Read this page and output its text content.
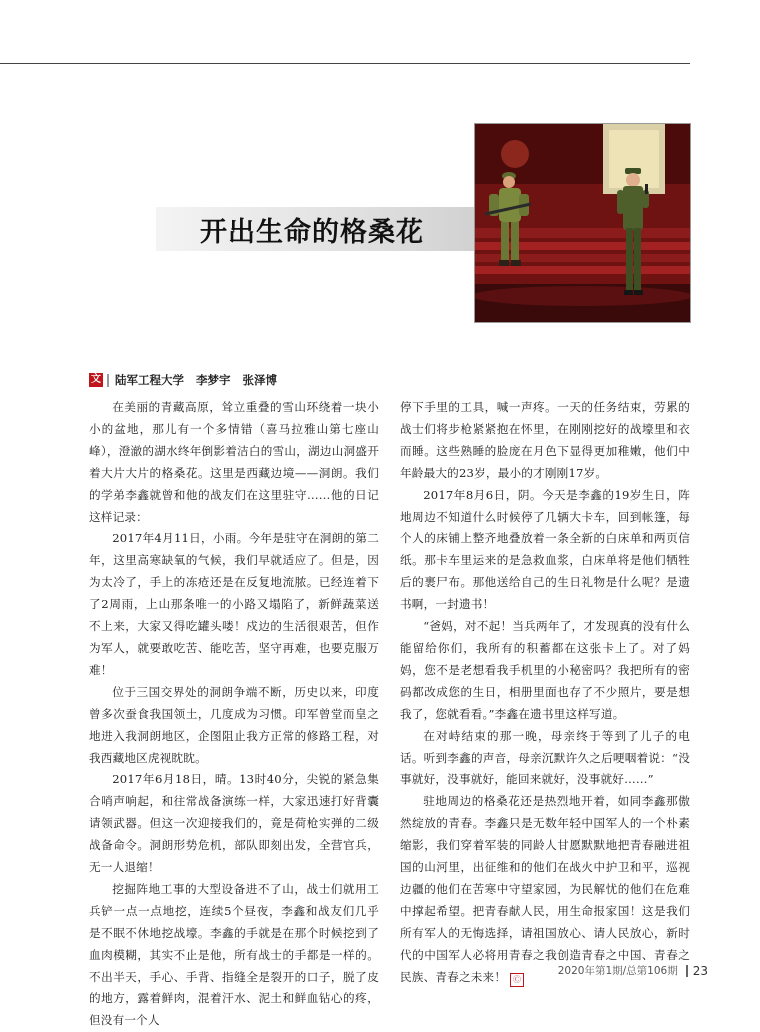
开出生命的格桑花
文 陆军工程大学 李梦宇 张泽博

在美丽的青藏高原，耸立重叠的雪山环绕着一块小小的盆地，那儿有一个多情错（喜马拉雅山第七座山峰），澄澈的湖水终年倒影着洁白的雪山，湖边山洞盛开着大片大片的格桑花。这里是西藏边境——洞朗。我们的学弟李鑫就曾和他的战友们在这里驻守……他的日记这样记录：

2017年4月11日，小雨。今年是驻守在洞朗的第二年，这里高寒缺氧的气候，我们早就适应了。但是，因为太冷了，手上的冻疮还是在反复地流脓。已经连着下了2周雨，上山那条唯一的小路又塌陷了，新鲜蔬菜送不上来，大家又得吃罐头喽！戍边的生活很艰苦，但作为军人，就要敢吃苦、能吃苦，坚守再难，也要克服万难！

位于三国交界处的洞朗争端不断，历史以来，印度曾多次蚕食我国领土，几度成为习惯。印军曾堂而皇之地进入我洞朗地区，企图阻止我方正常的修路工程，对我西藏地区虎视眈眈。

2017年6月18日，晴。13时40分，尖锐的紧急集合哨声响起，和往常战备演练一样，大家迅速打好背囊请领武器。但这一次迎接我们的，竟是荷枪实弹的二级战备命令。洞朗形势危机，部队即刻出发，全营官兵，无一人退缩！

挖掘阵地工事的大型设备进不了山，战士们就用工兵铲一点一点地挖，连续5个昼夜，李鑫和战友们几乎是不眠不休地挖战壕。李鑫的手就是在那个时候挖到了血肉模糊，其实不止是他，所有战士的手都是一样的。不出半天，手心、手背、指缝全是裂开的口子，脱了皮的地方，露着鲜肉，混着汗水、泥土和鲜血钻心的疼，但没有一个人

停下手里的工具，喊一声疼。一天的任务结束，劳累的战士们将步枪紧紧抱在怀里，在刚刚挖好的战壕里和衣而睡。这些熟睡的脸庞在月色下显得更加稚嫩，他们中年龄最大的23岁，最小的才刚刚17岁。

2017年8月6日，阴。今天是李鑫的19岁生日，阵地周边不知道什么时候停了几辆大卡车，回到帐篷，每个人的床铺上整齐地叠放着一条全新的白床单和两页信纸。那卡车里运来的是急救血浆，白床单将是他们牺牲后的裹尸布。那他送给自己的生日礼物是什么呢？是遗书啊，一封遗书！

“爸妈，对不起！当兵两年了，才发现真的没有什么能留给你们，我所有的积蓄都在这张卡上了。对了妈妈，您不是老想看我手机里的小秘密吗？我把所有的密码都改成您的生日，相册里面也存了不少照片，要是想我了，您就看看。”李鑫在遗书里这样写道。

在对峙结束的那一晚，母亲终于等到了儿子的电话。听到李鑫的声音，母亲沉默许久之后哽咽着说：“没事就好，没事就好，能回来就好，没事就好……”

驻地周边的格桑花还是热烈地开着，如同李鑫那傲然绽放的青春。李鑫只是无数年轻中国军人的一个朴素缩影，我们穿着军装的同龄人甘愿默默地把青春融进祖国的山河里，出征维和的他们在战火中护卫和平，巡视边疆的他们在苦寒中守望家园，为民解忧的他们在危难中撑起希望。把青春献人民，用生命报家国！这是我们所有军人的无悔选择，请祖国放心、请人民放心，新时代的中国军人必将用青春之我创造青春之中国、青春之民族、青春之未来！ Ⓒ

2020年第1期/总第106期 23
